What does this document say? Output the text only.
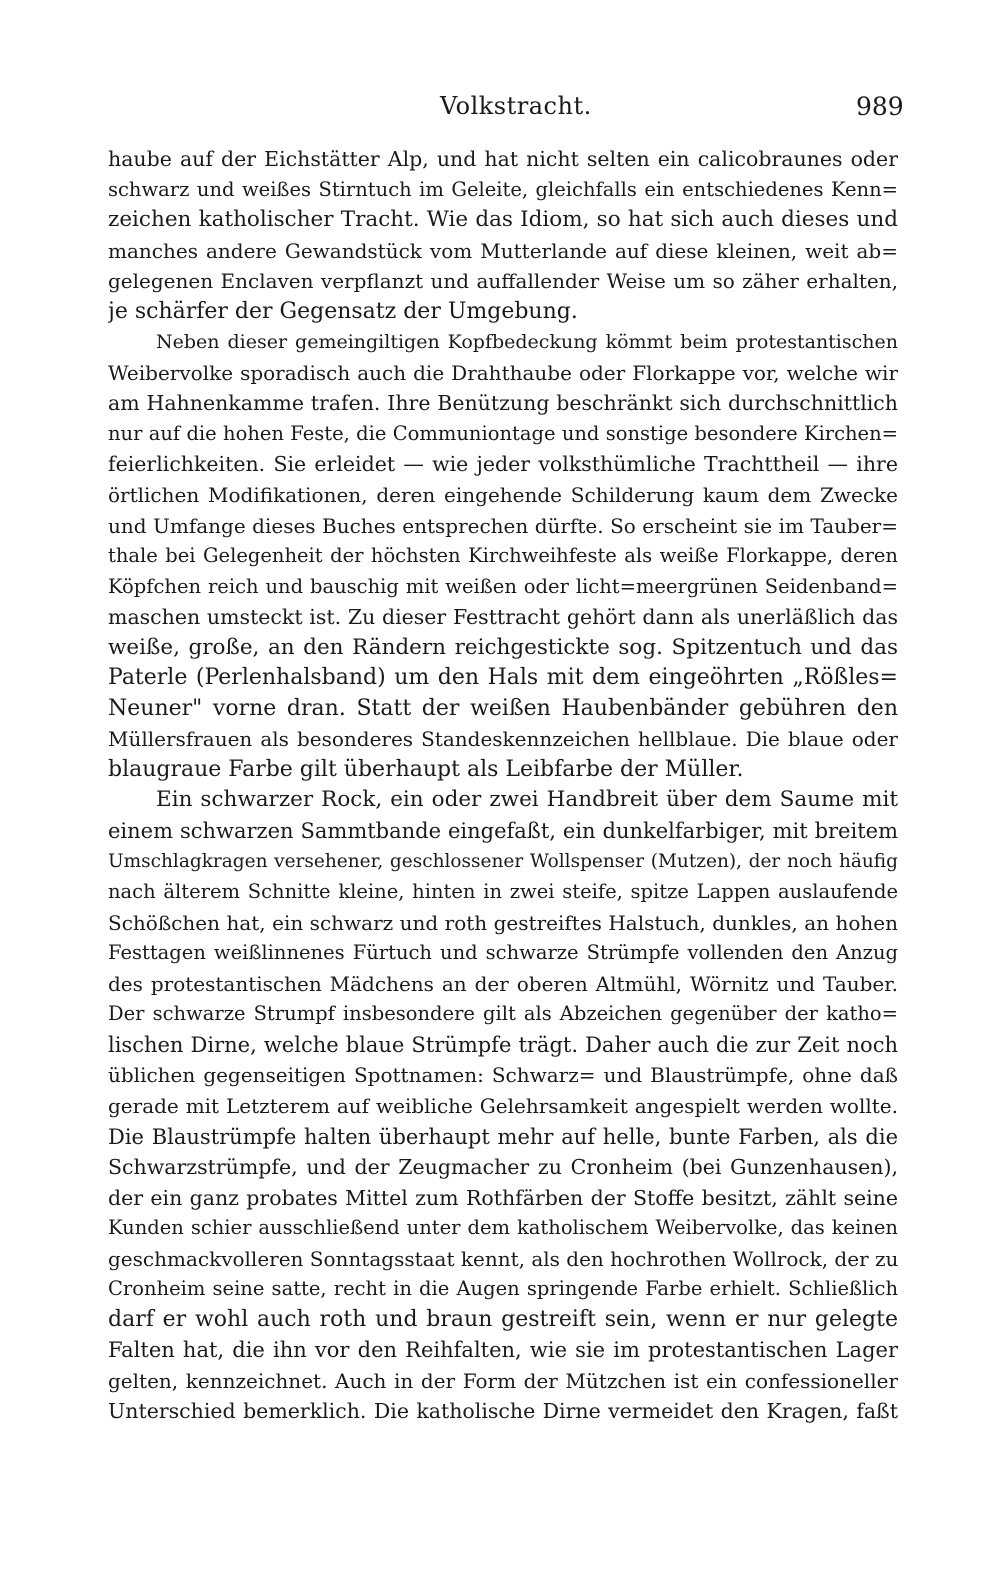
Volkstracht.	989
haube auf der Eichstätter Alp, und hat nicht selten ein calicobraunes oder
schwarz und weißes Stirntuch im Geleite, gleichfalls ein entschiedenes Kenn=
zeichen katholischer Tracht. Wie das Idiom, so hat sich auch dieses und
manches andere Gewandstück vom Mutterlande auf diese kleinen, weit ab=
gelegenen Enclaven verpflanzt und auffallender Weise um so zäher erhalten,
je schärfer der Gegensatz der Umgebung.
Neben dieser gemeingiltigen Kopfbedeckung kömmt beim protestantischen
Weibervolke sporadisch auch die Drahthaube oder Florkappe vor, welche wir
am Hahnenkamme trafen. Ihre Benützung beschränkt sich durchschnittlich
nur auf die hohen Feste, die Communiontage und sonstige besondere Kirchen=
feierlichkeiten. Sie erleidet — wie jeder volksthümliche Trachttheil — ihre
örtlichen Modifikationen, deren eingehende Schilderung kaum dem Zwecke
und Umfange dieses Buches entsprechen dürfte. So erscheint sie im Tauber=
thale bei Gelegenheit der höchsten Kirchweihfeste als weiße Florkappe, deren
Köpfchen reich und bauschig mit weißen oder licht=meergrünen Seidenband=
maschen umsteckt ist. Zu dieser Festtracht gehört dann als unerläßlich das
weiße, große, an den Rändern reichgestickte sog. Spitzentuch und das
Paterle (Perlenhalsband) um den Hals mit dem eingeöhrten „Rößles=
Neuner" vorne dran. Statt der weißen Haubenbänder gebühren den
Müllersfrauen als besonderes Standeskennzeichen hellblaue. Die blaue oder
blaugraue Farbe gilt überhaupt als Leibfarbe der Müller.
Ein schwarzer Rock, ein oder zwei Handbreit über dem Saume mit
einem schwarzen Sammtbande eingefaßt, ein dunkelfarbiger, mit breitem
Umschlagkragen versehener, geschlossener Wollspenser (Mutzen), der noch häufig
nach älterem Schnitte kleine, hinten in zwei steife, spitze Lappen auslaufende
Schößchen hat, ein schwarz und roth gestreiftes Halstuch, dunkles, an hohen
Festtagen weißlinnenes Fürtuch und schwarze Strümpfe vollenden den Anzug
des protestantischen Mädchens an der oberen Altmühl, Wörnitz und Tauber.
Der schwarze Strumpf insbesondere gilt als Abzeichen gegenüber der katho=
lischen Dirne, welche blaue Strümpfe trägt. Daher auch die zur Zeit noch
üblichen gegenseitigen Spottnamen: Schwarz= und Blaustrümpfe, ohne daß
gerade mit Letzterem auf weibliche Gelehrsamkeit angespielt werden wollte.
Die Blaustrümpfe halten überhaupt mehr auf helle, bunte Farben, als die
Schwarzstrümpfe, und der Zeugmacher zu Cronheim (bei Gunzenhausen),
der ein ganz probates Mittel zum Rothfärben der Stoffe besitzt, zählt seine
Kunden schier ausschließend unter dem katholischem Weibervolke, das keinen
geschmackvolleren Sonntagsstaat kennt, als den hochrothen Wollrock, der zu
Cronheim seine satte, recht in die Augen springende Farbe erhielt. Schließlich
darf er wohl auch roth und braun gestreift sein, wenn er nur gelegte
Falten hat, die ihn vor den Reihfalten, wie sie im protestantischen Lager
gelten, kennzeichnet. Auch in der Form der Mützchen ist ein confessioneller
Unterschied bemerklich. Die katholische Dirne vermeidet den Kragen, faßt
